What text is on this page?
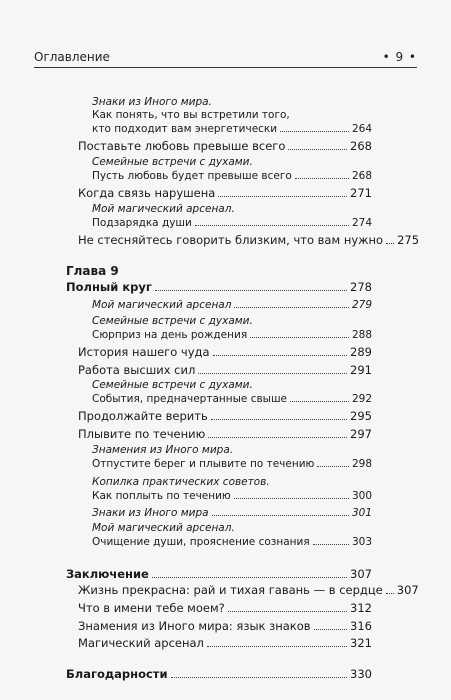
Оглавление	• 9 •
Знаки из Иного мира.
Как понять, что вы встретили того,
кто подходит вам энергетически	264
Поставьте любовь превыше всего	268
Семейные встречи с духами.
Пусть любовь будет превыше всего	268
Когда связь нарушена	271
Мой магический арсенал.
Подзарядка души	274
Не стесняйтесь говорить близким, что вам нужно 275
Глава 9
Полный круг	278
Мой магический арсенал	279
Семейные встречи с духами.
Сюрприз на день рождения	288
История нашего чуда	289
Работа высших сил	291
Семейные встречи с духами.
События, предначертанные свыше	292
Продолжайте верить	295
Плывите по течению	297
Знамения из Иного мира.
Отпустите берег и плывите по течению	298
Копилка практических советов.
Как поплыть по течению	300
Знаки из Иного мира	301
Мой магический арсенал.
Очищение души, прояснение сознания	303
Заключение	307
Жизнь прекрасна: рай и тихая гавань — в сердце 307
Что в имени тебе моем?	312
Знамения из Иного мира: язык знаков	316
Магический арсенал	321
Благодарности	330
